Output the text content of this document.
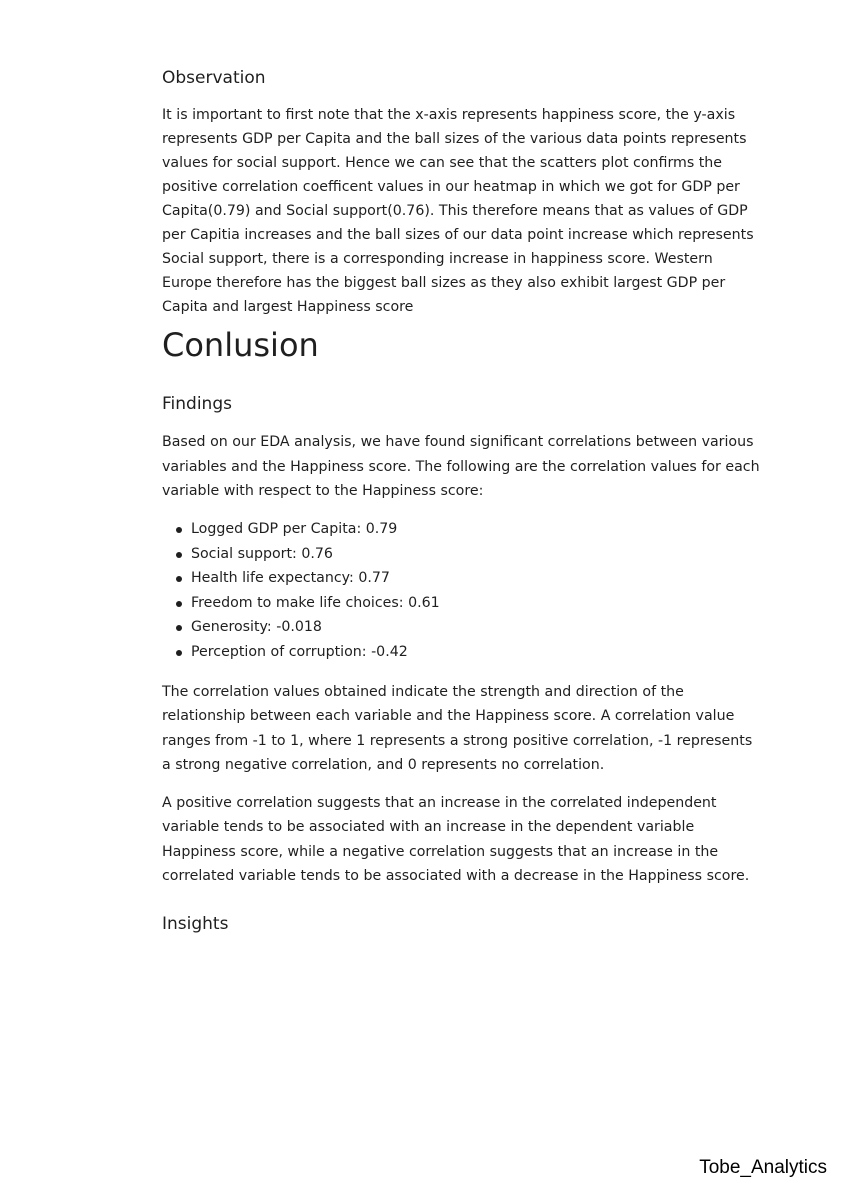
Observation

It is important to first note that the x-axis represents happiness score, the y-axis represents GDP per Capita and the ball sizes of the various data points represents values for social support. Hence we can see that the scatters plot confirms the positive correlation coefficent values in our heatmap in which we got for GDP per Capita(0.79) and Social support(0.76). This therefore means that as values of GDP per Capitia increases and the ball sizes of our data point increase which represents Social support, there is a corresponding increase in happiness score. Western Europe therefore has the biggest ball sizes as they also exhibit largest GDP per Capita and largest Happiness score

Conlusion
Findings

Based on our EDA analysis, we have found significant correlations between various variables and the Happiness score. The following are the correlation values for each variable with respect to the Happiness score:

Logged GDP per Capita: 0.79
Social support: 0.76
Health life expectancy: 0.77
Freedom to make life choices: 0.61
Generosity: -0.018
Perception of corruption: -0.42

The correlation values obtained indicate the strength and direction of the relationship between each variable and the Happiness score. A correlation value ranges from -1 to 1, where 1 represents a strong positive correlation, -1 represents a strong negative correlation, and 0 represents no correlation.

A positive correlation suggests that an increase in the correlated independent variable tends to be associated with an increase in the dependent variable Happiness score, while a negative correlation suggests that an increase in the correlated variable tends to be associated with a decrease in the Happiness score.

Insights
Tobe_Analytics
